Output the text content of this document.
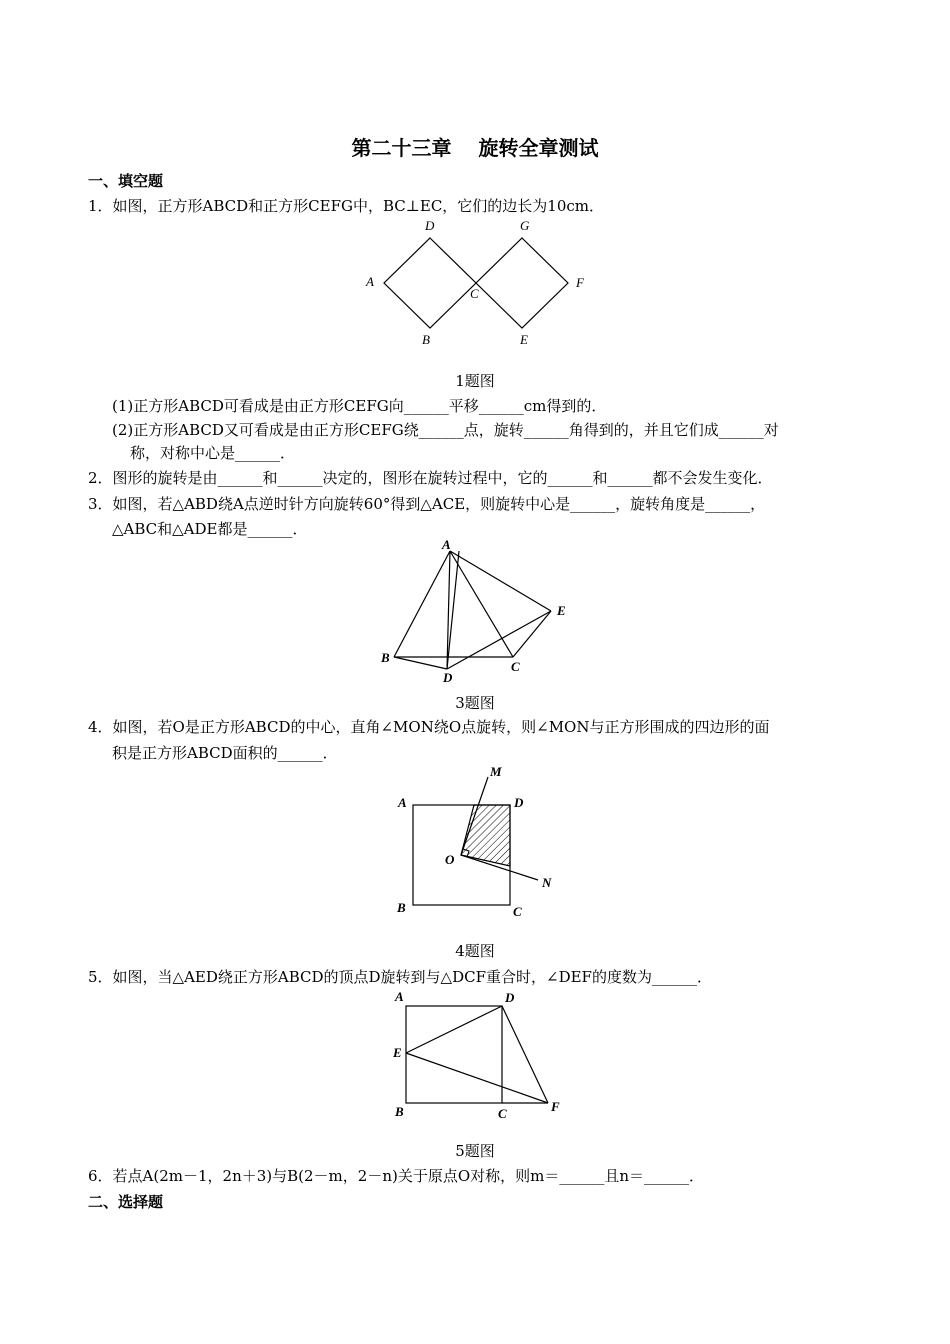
第二十三章　 旋转全章测试
一、填空题
1．如图，正方形ABCD和正方形CEFG中，BC⊥EC，它们的边长为10cm．
D	G
A	F
C
B	E
1题图
(1)正方形ABCD可看成是由正方形CEFG向______平移______cm得到的．
(2)正方形ABCD又可看成是由正方形CEFG绕______点，旋转______角得到的，并且它们成______对
称，对称中心是______．
2．图形的旋转是由______和______决定的，图形在旋转过程中，它的______和______都不会发生变化．
3．如图，若△ABD绕A点逆时针方向旋转60°得到△ACE，则旋转中心是______，旋转角度是______，
△ABC和△ADE都是______．
A
E
B
C
D
3题图
4．如图，若O是正方形ABCD的中心，直角∠MON绕O点旋转，则∠MON与正方形围成的四边形的面
积是正方形ABCD面积的______．
M
A	D
O
N
B	C
4题图
5．如图，当△AED绕正方形ABCD的顶点D旋转到与△DCF重合时，∠DEF的度数为______．
A	D
E
B	C	F
5题图
6．若点A(2m－1，2n＋3)与B(2－m，2－n)关于原点O对称，则m＝______且n＝______．
二、选择题
